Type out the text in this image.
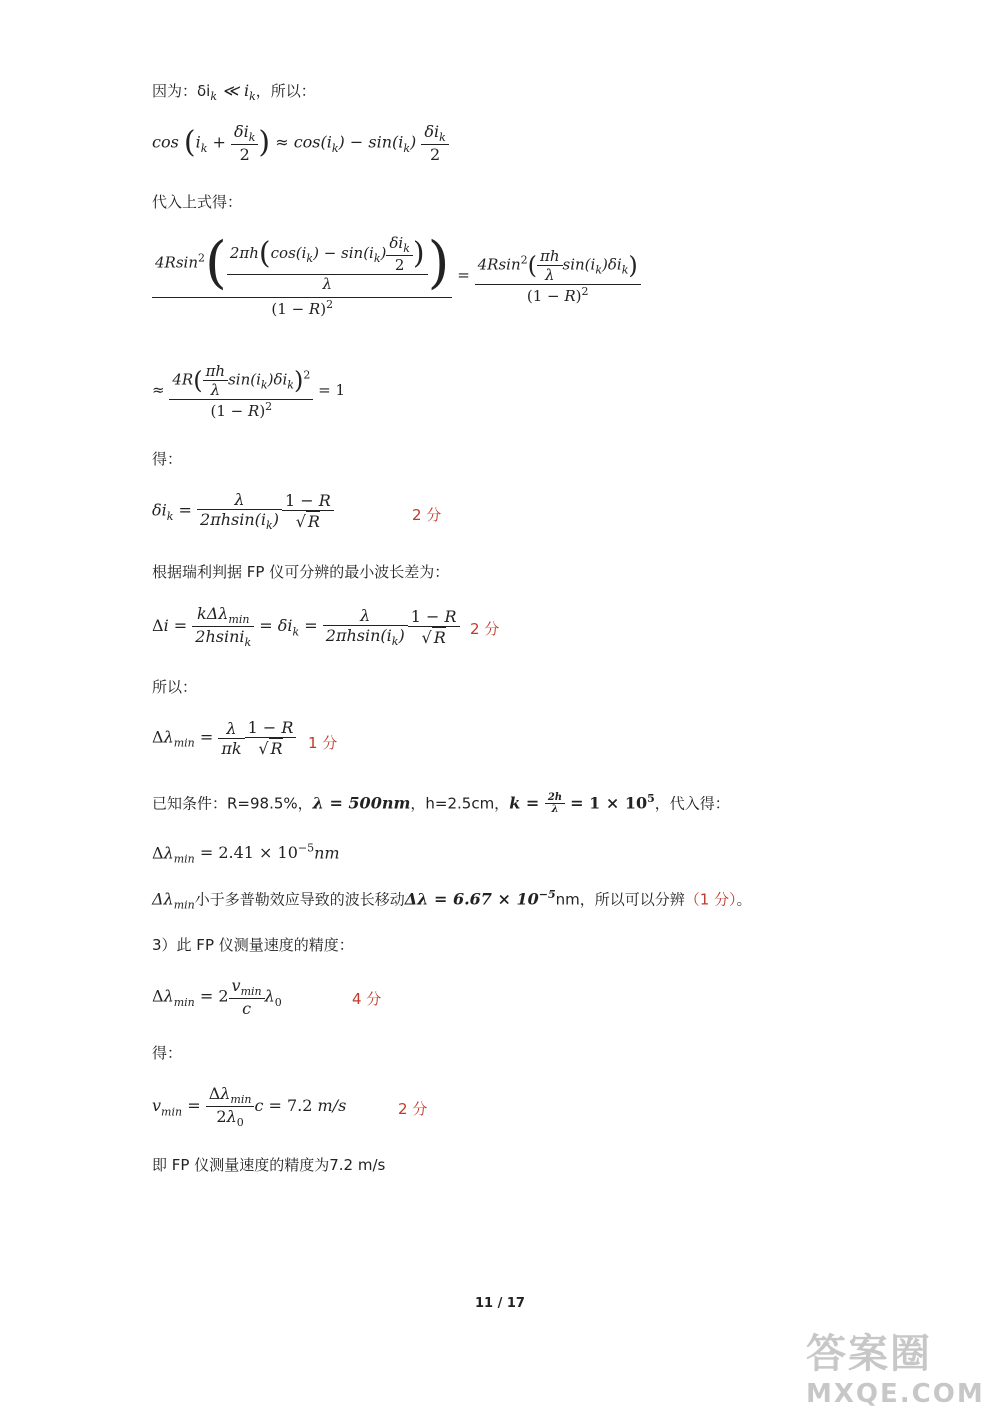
因为：$\delta i_k$ ≪ $i_k$，所以：
$\cos (i_k + \frac{\delta i_k}{2}$ ) ≈ $\cos(i_k) - \sin(i_k) \frac{\delta i_k}{2}$
代入上式得：
$\frac{4Rsin^2( \frac{2\pi h(\cos(i_k) - \sin(i_k) \frac{\delta i_k}{2} )}{\lambda} )}{(1 - R)^2} = \frac{4Rsin^2( \frac{\pi h}{\lambda} \sin(i_k)\delta i_k)}{(1 - R)^2}$
≈ $\frac{4R( \frac{\pi h}{\lambda} \sin(i_k)\delta i_k)^2}{(1 - R)^2} = 1$
得：
$\delta i_k = \frac{\lambda}{2\pi hsin(i_k)} \frac{1 - R}{√ R}$	2 分
根据瑞利判据 FP 仪可分辨的最小波长差为：
$\Delta i = \frac{k\Delta\lambda_{min}}{2hsini_k} = \delta i_k = \frac{\lambda}{2\pi hsin(i_k)} \frac{1 - R}{√ R} 2$ 分
所以：
$\Delta\lambda_{min} = \frac{\lambda}{\pi k} \frac{1 - R}{√ R} 1$ 分
已知条件：R=98.5%，λ = 500nm，h=2.5cm，$k = \frac{2h}{\lambda} = 1 \times 10^5$，代入得：
$\Delta\lambda_{min} = 2.41 \times 10^{-5}nm$
$\Delta\lambda_{min}$小于多普勒效应导致的波长移动$\Delta\lambda = 6.67 \times 10^{-5}nm$，所以可以分辨（1 分）。
3）此 FP 仪测量速度的精度：
$\Delta\lambda_{min} = 2 \frac{v_{min}}{c} \lambda_0$	4 分
得：
$v_{min} = \frac{\Delta\lambda_{min}}{2\lambda_0}$ c = 7.2 m/s	2 分
即 FP 仪测量速度的精度为7.2 m/s
11 / 17
答案圈
MXQE.COM
